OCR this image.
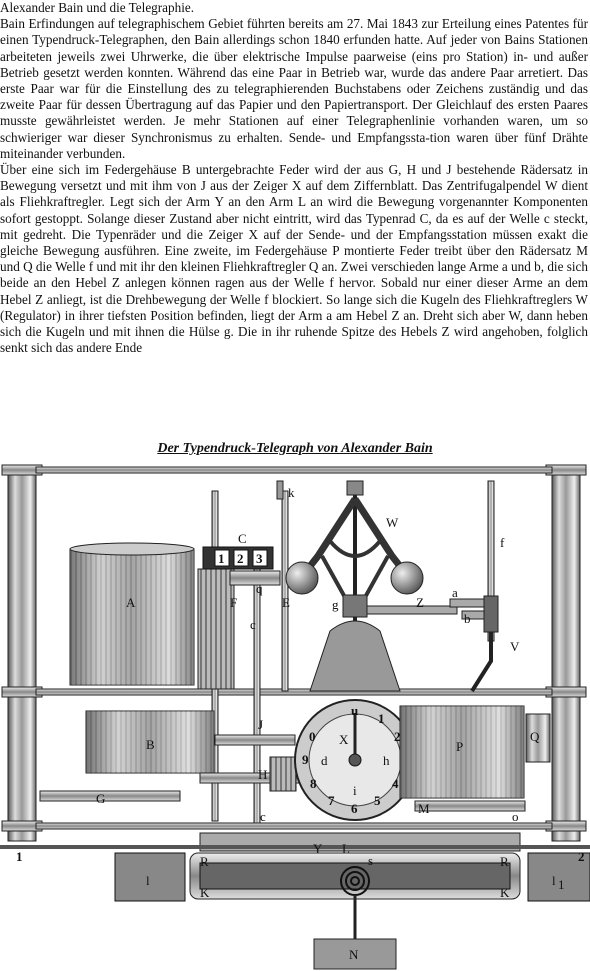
Alexander Bain und die Telegraphie.

Bain Erfindungen auf telegraphischem Gebiet führten bereits am 27. Mai 1843 zur Erteilung eines Patentes für einen Typendruck-Telegraphen, den Bain allerdings schon 1840 erfunden hatte. Auf jeder von Bains Stationen arbeiteten jeweils zwei Uhrwerke, die über elektrische Impulse paarweise (eins pro Station) in- und außer Betrieb gesetzt werden konnten. Während das eine Paar in Betrieb war, wurde das andere Paar arretiert. Das erste Paar war für die Einstellung des zu telegraphierenden Buchstabens oder Zeichens zuständig und das zweite Paar für dessen Übertragung auf das Papier und den Papiertransport. Der Gleichlauf des ersten Paares musste gewährleistet werden. Je mehr Stationen auf einer Telegraphenlinie vorhanden waren, um so schwieriger war dieser Synchronismus zu erhalten. Sende- und Empfangssta-tion waren über fünf Drähte miteinander verbunden.

Über eine sich im Federgehäuse B untergebrachte Feder wird der aus G, H und J bestehende Rädersatz in Bewegung versetzt und mit ihm von J aus der Zeiger X auf dem Ziffernblatt. Das Zentrifugalpendel W dient als Fliehkraftregler. Legt sich der Arm Y an den Arm L an wird die Bewegung vorgenannter Komponenten sofort gestoppt. Solange dieser Zustand aber nicht eintritt, wird das Typenrad C, da es auf der Welle c steckt, mit gedreht. Die Typenräder und die Zeiger X auf der Sende- und der Empfangsstation müssen exakt die gleiche Bewegung ausführen. Eine zweite, im Federgehäuse P montierte Feder treibt über den Rädersatz M und Q die Welle f und mit ihr den kleinen Fliehkraftregler Q an. Zwei verschieden lange Arme a und b, die sich beide an den Hebel Z anlegen können ragen aus der Welle f hervor. Sobald nur einer dieser Arme an dem Hebel Z anliegt, ist die Drehbewegung der Welle f blockiert. So lange sich die Kugeln des Fliehkraftreglers W (Regulator) in ihrer tiefsten Position befinden, liegt der Arm a am Hebel Z an. Dreht sich aber W, dann heben sich die Kugeln und mit ihnen die Hülse g. Die in ihr ruhende Spitze des Hebels Z wird angehoben, folglich senkt sich das andere Ende

Der Typendruck-Telegraph von Alexander Bain
1 2 3
u
1
2
4
5
6
7
8
9
0
k
W
C	f
A	F
q
E
c
g	Z
a
b
V
J
B	X
d	h
i
P
Q
H
G
M
o
c
Y L
s
1	2
R	R
l	l 1
K	K
N
